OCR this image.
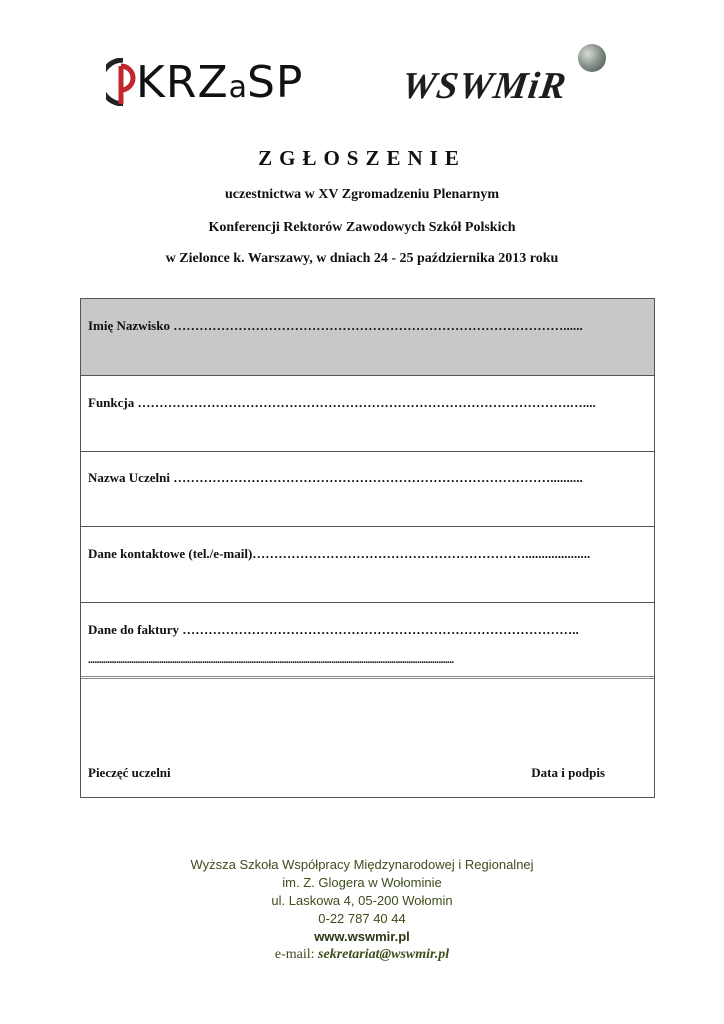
KRZaSP	WSWMiR
ZGŁOSZENIE
uczestnictwa w XV Zgromadzeniu Plenarnym
Konferencji Rektorów Zawodowych Szkół Polskich
w Zielonce k. Warszawy, w dniach 24 - 25 października 2013 roku
Imię Nazwisko ………………………………………………………………………………......
Funkcja ……………………………………………………………………………………….…....
Nazwa Uczelni ……………………………………………………………………………..........
Dane kontaktowe (tel./e-mail)………………………………………………………....................
Dane do faktury ………………………………………………………………………………..
..........................................................................................................................................................................
Pieczęć uczelni	Data i podpis
Wyższa Szkoła Współpracy Międzynarodowej i Regionalnej
im. Z. Glogera w Wołominie
ul. Laskowa 4, 05-200 Wołomin
0-22 787 40 44
www.wswmir.pl
e-mail: sekretariat@wswmir.pl
